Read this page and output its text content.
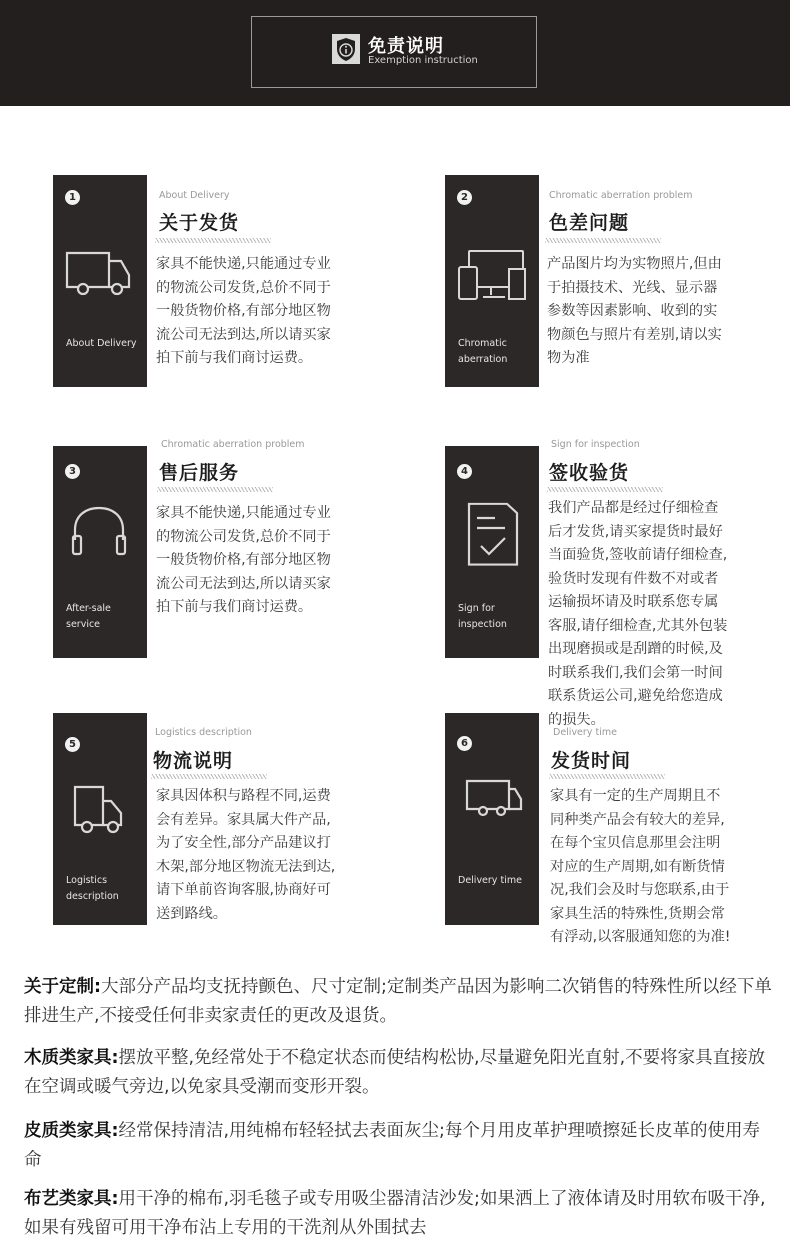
免责说明
Exemption instruction
1
About Delivery
About Delivery
关于发货
家具不能快递,只能通过专业
的物流公司发货,总价不同于
一般货物价格,有部分地区物
流公司无法到达,所以请买家
拍下前与我们商讨运费。
2
Chromatic
aberration
Chromatic aberration problem
色差问题
产品图片均为实物照片,但由
于拍摄技术、光线、显示器
参数等因素影响、收到的实
物颜色与照片有差别,请以实
物为准
3
After-sale
service
Chromatic aberration problem
售后服务
家具不能快递,只能通过专业
的物流公司发货,总价不同于
一般货物价格,有部分地区物
流公司无法到达,所以请买家
拍下前与我们商讨运费。
4
Sign for
inspection
Sign for inspection
签收验货
我们产品都是经过仔细检查
后才发货,请买家提货时最好
当面验货,签收前请仔细检查,
验货时发现有件数不对或者
运输损坏请及时联系您专属
客服,请仔细检查,尤其外包装
出现磨损或是刮蹭的时候,及
时联系我们,我们会第一时间
联系货运公司,避免给您造成
的损失。
5
Logistics
description
Logistics description
物流说明
家具因体积与路程不同,运费
会有差异。家具属大件产品,
为了安全性,部分产品建议打
木架,部分地区物流无法到达,
请下单前咨询客服,协商好可
送到路线。
6
Delivery time
Delivery time
发货时间
家具有一定的生产周期且不
同种类产品会有较大的差异,
在每个宝贝信息那里会注明
对应的生产周期,如有断货情
况,我们会及时与您联系,由于
家具生活的特殊性,货期会常
有浮动,以客服通知您的为准!
关于定制:大部分产品均支抚持颤色、尺寸定制;定制类产品因为影响二次销售的特殊性所以经下单排进生产,不接受任何非卖家责任的更改及退货。
木质类家具:摆放平整,免经常处于不稳定状态而使结构松协,尽量避免阳光直射,不要将家具直接放在空调或暖气旁边,以免家具受潮而变形开裂。
皮质类家具:经常保持清洁,用纯棉布轻轻拭去表面灰尘;每个月用皮革护理喷擦延长皮革的使用寿命
布艺类家具:用干净的棉布,羽毛毯子或专用吸尘器清洁沙发;如果洒上了液体请及时用软布吸干净,如果有残留可用干净布沾上专用的干洗剂从外围拭去
